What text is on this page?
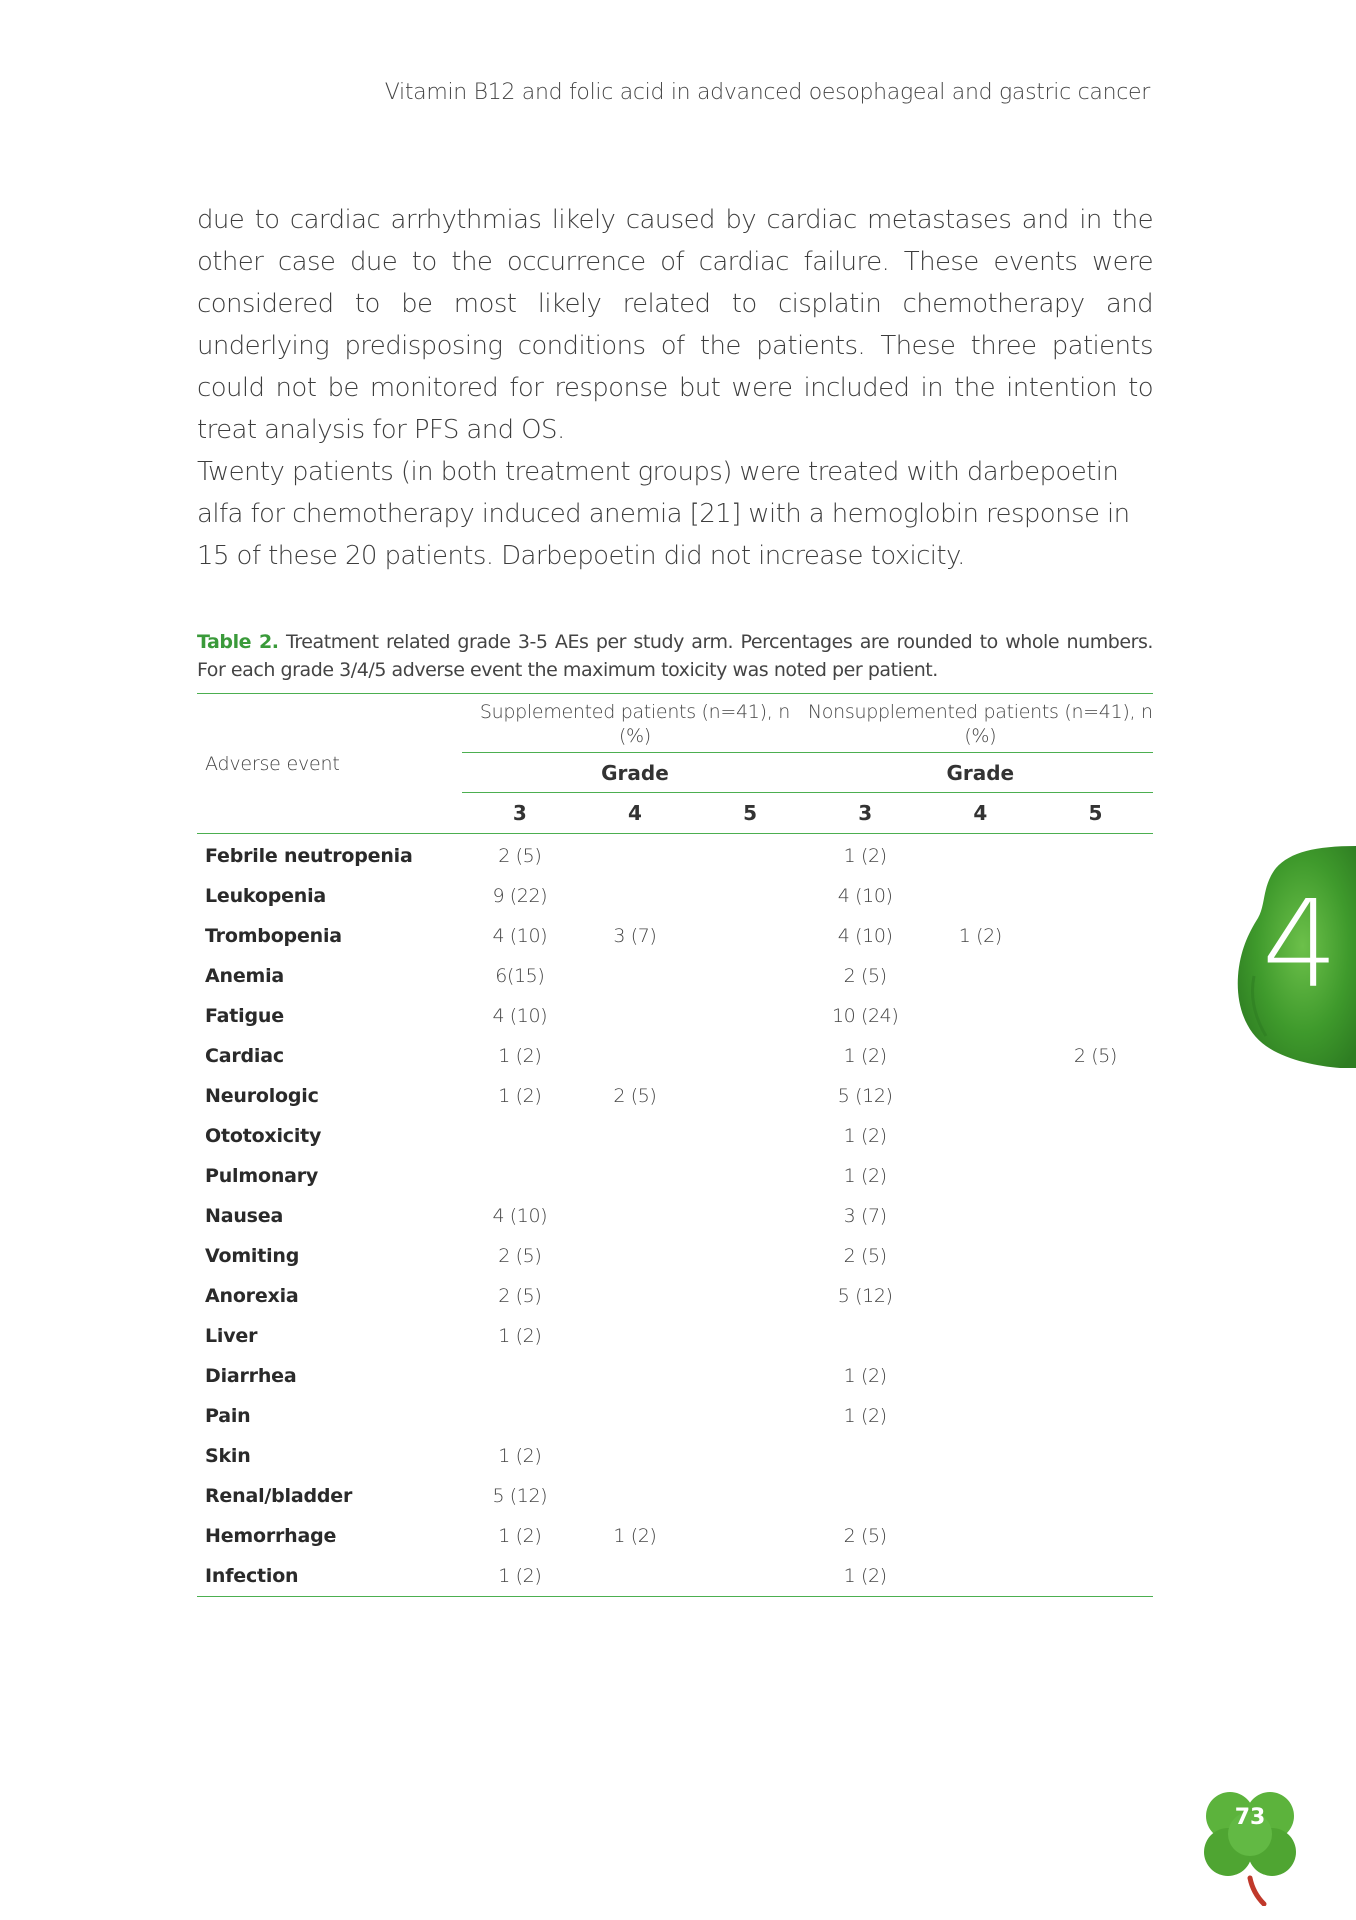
Vitamin B12 and folic acid in advanced oesophageal and gastric cancer

due to cardiac arrhythmias likely caused by cardiac metastases and in the other case due to the occurrence of cardiac failure. These events were considered to be most likely related to cisplatin chemotherapy and underlying predisposing conditions of the patients. These three patients could not be monitored for response but were included in the intention to treat analysis for PFS and OS.

Twenty patients (in both treatment groups) were treated with darbepoetin alfa for chemotherapy induced anemia [21] with a hemoglobin response in 15 of these 20 patients. Darbepoetin did not increase toxicity.

Table 2. Treatment related grade 3-5 AEs per study arm. Percentages are rounded to whole numbers. For each grade 3/4/5 adverse event the maximum toxicity was noted per patient.
Adverse event	Supplemented patients (n=41), n (%)			Nonsupplemented patients (n=41), n (%)		
	Grade			Grade		
	3	4	5	3	4	5
Febrile neutropenia	2 (5)			1 (2)		
Leukopenia	9 (22)			4 (10)		
Trombopenia	4 (10)	3 (7)		4 (10)	1 (2)	
Anemia	6(15)			2 (5)		
Fatigue	4 (10)			10 (24)		
Cardiac	1 (2)			1 (2)		2 (5)
Neurologic	1 (2)	2 (5)		5 (12)		
Ototoxicity				1 (2)		
Pulmonary				1 (2)		
Nausea	4 (10)			3 (7)		
Vomiting	2 (5)			2 (5)		
Anorexia	2 (5)			5 (12)		
Liver	1 (2)					
Diarrhea				1 (2)		
Pain				1 (2)		
Skin	1 (2)					
Renal/bladder	5 (12)					
Hemorrhage	1 (2)	1 (2)		2 (5)		
Infection	1 (2)			1 (2)		
4
73
